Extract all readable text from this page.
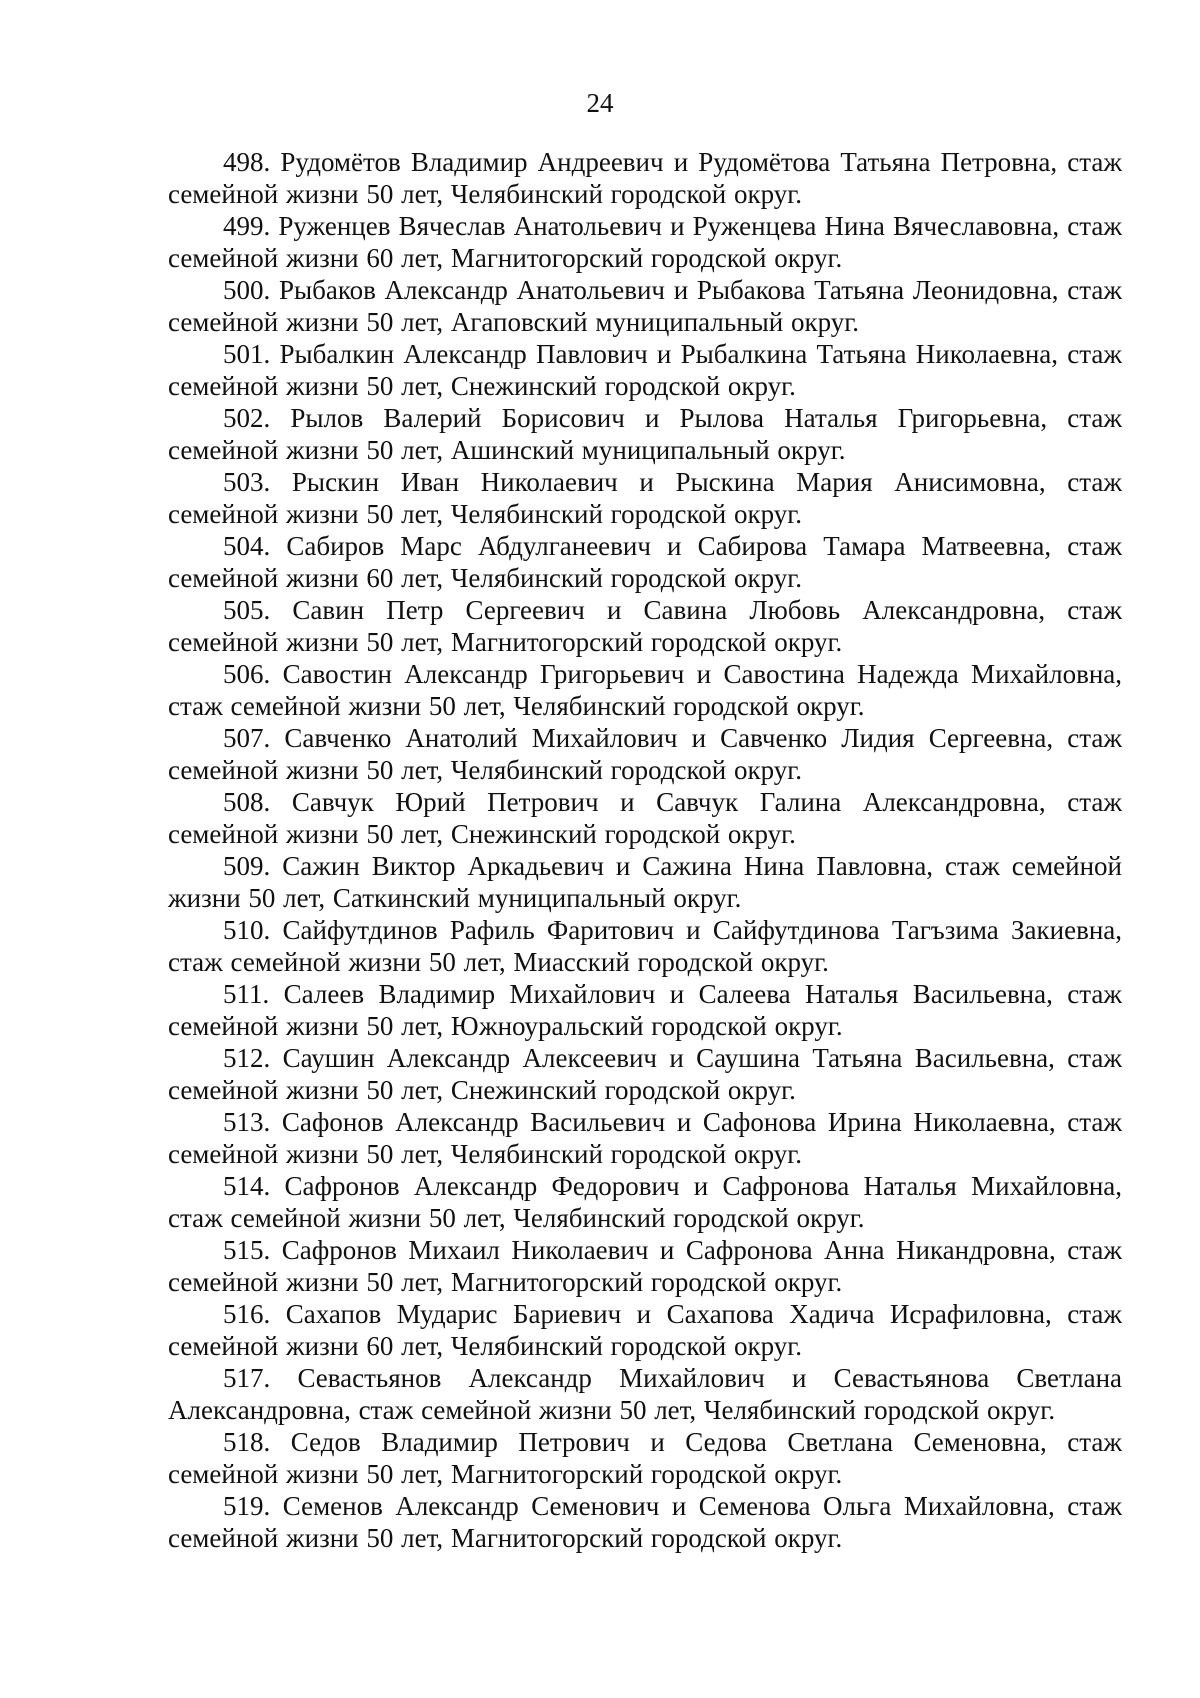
24

498. Рудомётов Владимир Андреевич и Рудомётова Татьяна Петровна, стаж семейной жизни 50 лет, Челябинский городской округ.

499. Руженцев Вячеслав Анатольевич и Руженцева Нина Вячеславовна, стаж семейной жизни 60 лет, Магнитогорский городской округ.

500. Рыбаков Александр Анатольевич и Рыбакова Татьяна Леонидовна, стаж семейной жизни 50 лет, Агаповский муниципальный округ.

501. Рыбалкин Александр Павлович и Рыбалкина Татьяна Николаевна, стаж семейной жизни 50 лет, Снежинский городской округ.

502. Рылов Валерий Борисович и Рылова Наталья Григорьевна, стаж семейной жизни 50 лет, Ашинский муниципальный округ.

503. Рыскин Иван Николаевич и Рыскина Мария Анисимовна, стаж семейной жизни 50 лет, Челябинский городской округ.

504. Сабиров Марс Абдулганеевич и Сабирова Тамара Матвеевна, стаж семейной жизни 60 лет, Челябинский городской округ.

505. Савин Петр Сергеевич и Савина Любовь Александровна, стаж семейной жизни 50 лет, Магнитогорский городской округ.

506. Савостин Александр Григорьевич и Савостина Надежда Михайловна, стаж семейной жизни 50 лет, Челябинский городской округ.

507. Савченко Анатолий Михайлович и Савченко Лидия Сергеевна, стаж семейной жизни 50 лет, Челябинский городской округ.

508. Савчук Юрий Петрович и Савчук Галина Александровна, стаж семейной жизни 50 лет, Снежинский городской округ.

509. Сажин Виктор Аркадьевич и Сажина Нина Павловна, стаж семейной жизни 50 лет, Саткинский муниципальный округ.

510. Сайфутдинов Рафиль Фаритович и Сайфутдинова Тагъзима Закиевна, стаж семейной жизни 50 лет, Миасский городской округ.

511. Салеев Владимир Михайлович и Салеева Наталья Васильевна, стаж семейной жизни 50 лет, Южноуральский городской округ.

512. Саушин Александр Алексеевич и Саушина Татьяна Васильевна, стаж семейной жизни 50 лет, Снежинский городской округ.

513. Сафонов Александр Васильевич и Сафонова Ирина Николаевна, стаж семейной жизни 50 лет, Челябинский городской округ.

514. Сафронов Александр Федорович и Сафронова Наталья Михайловна, стаж семейной жизни 50 лет, Челябинский городской округ.

515. Сафронов Михаил Николаевич и Сафронова Анна Никандровна, стаж семейной жизни 50 лет, Магнитогорский городской округ.

516. Сахапов Мударис Бариевич и Сахапова Хадича Исрафиловна, стаж семейной жизни 60 лет, Челябинский городской округ.

517. Севастьянов Александр Михайлович и Севастьянова Светлана Александровна, стаж семейной жизни 50 лет, Челябинский городской округ.

518. Седов Владимир Петрович и Седова Светлана Семеновна, стаж семейной жизни 50 лет, Магнитогорский городской округ.

519. Семенов Александр Семенович и Семенова Ольга Михайловна, стаж семейной жизни 50 лет, Магнитогорский городской округ.
